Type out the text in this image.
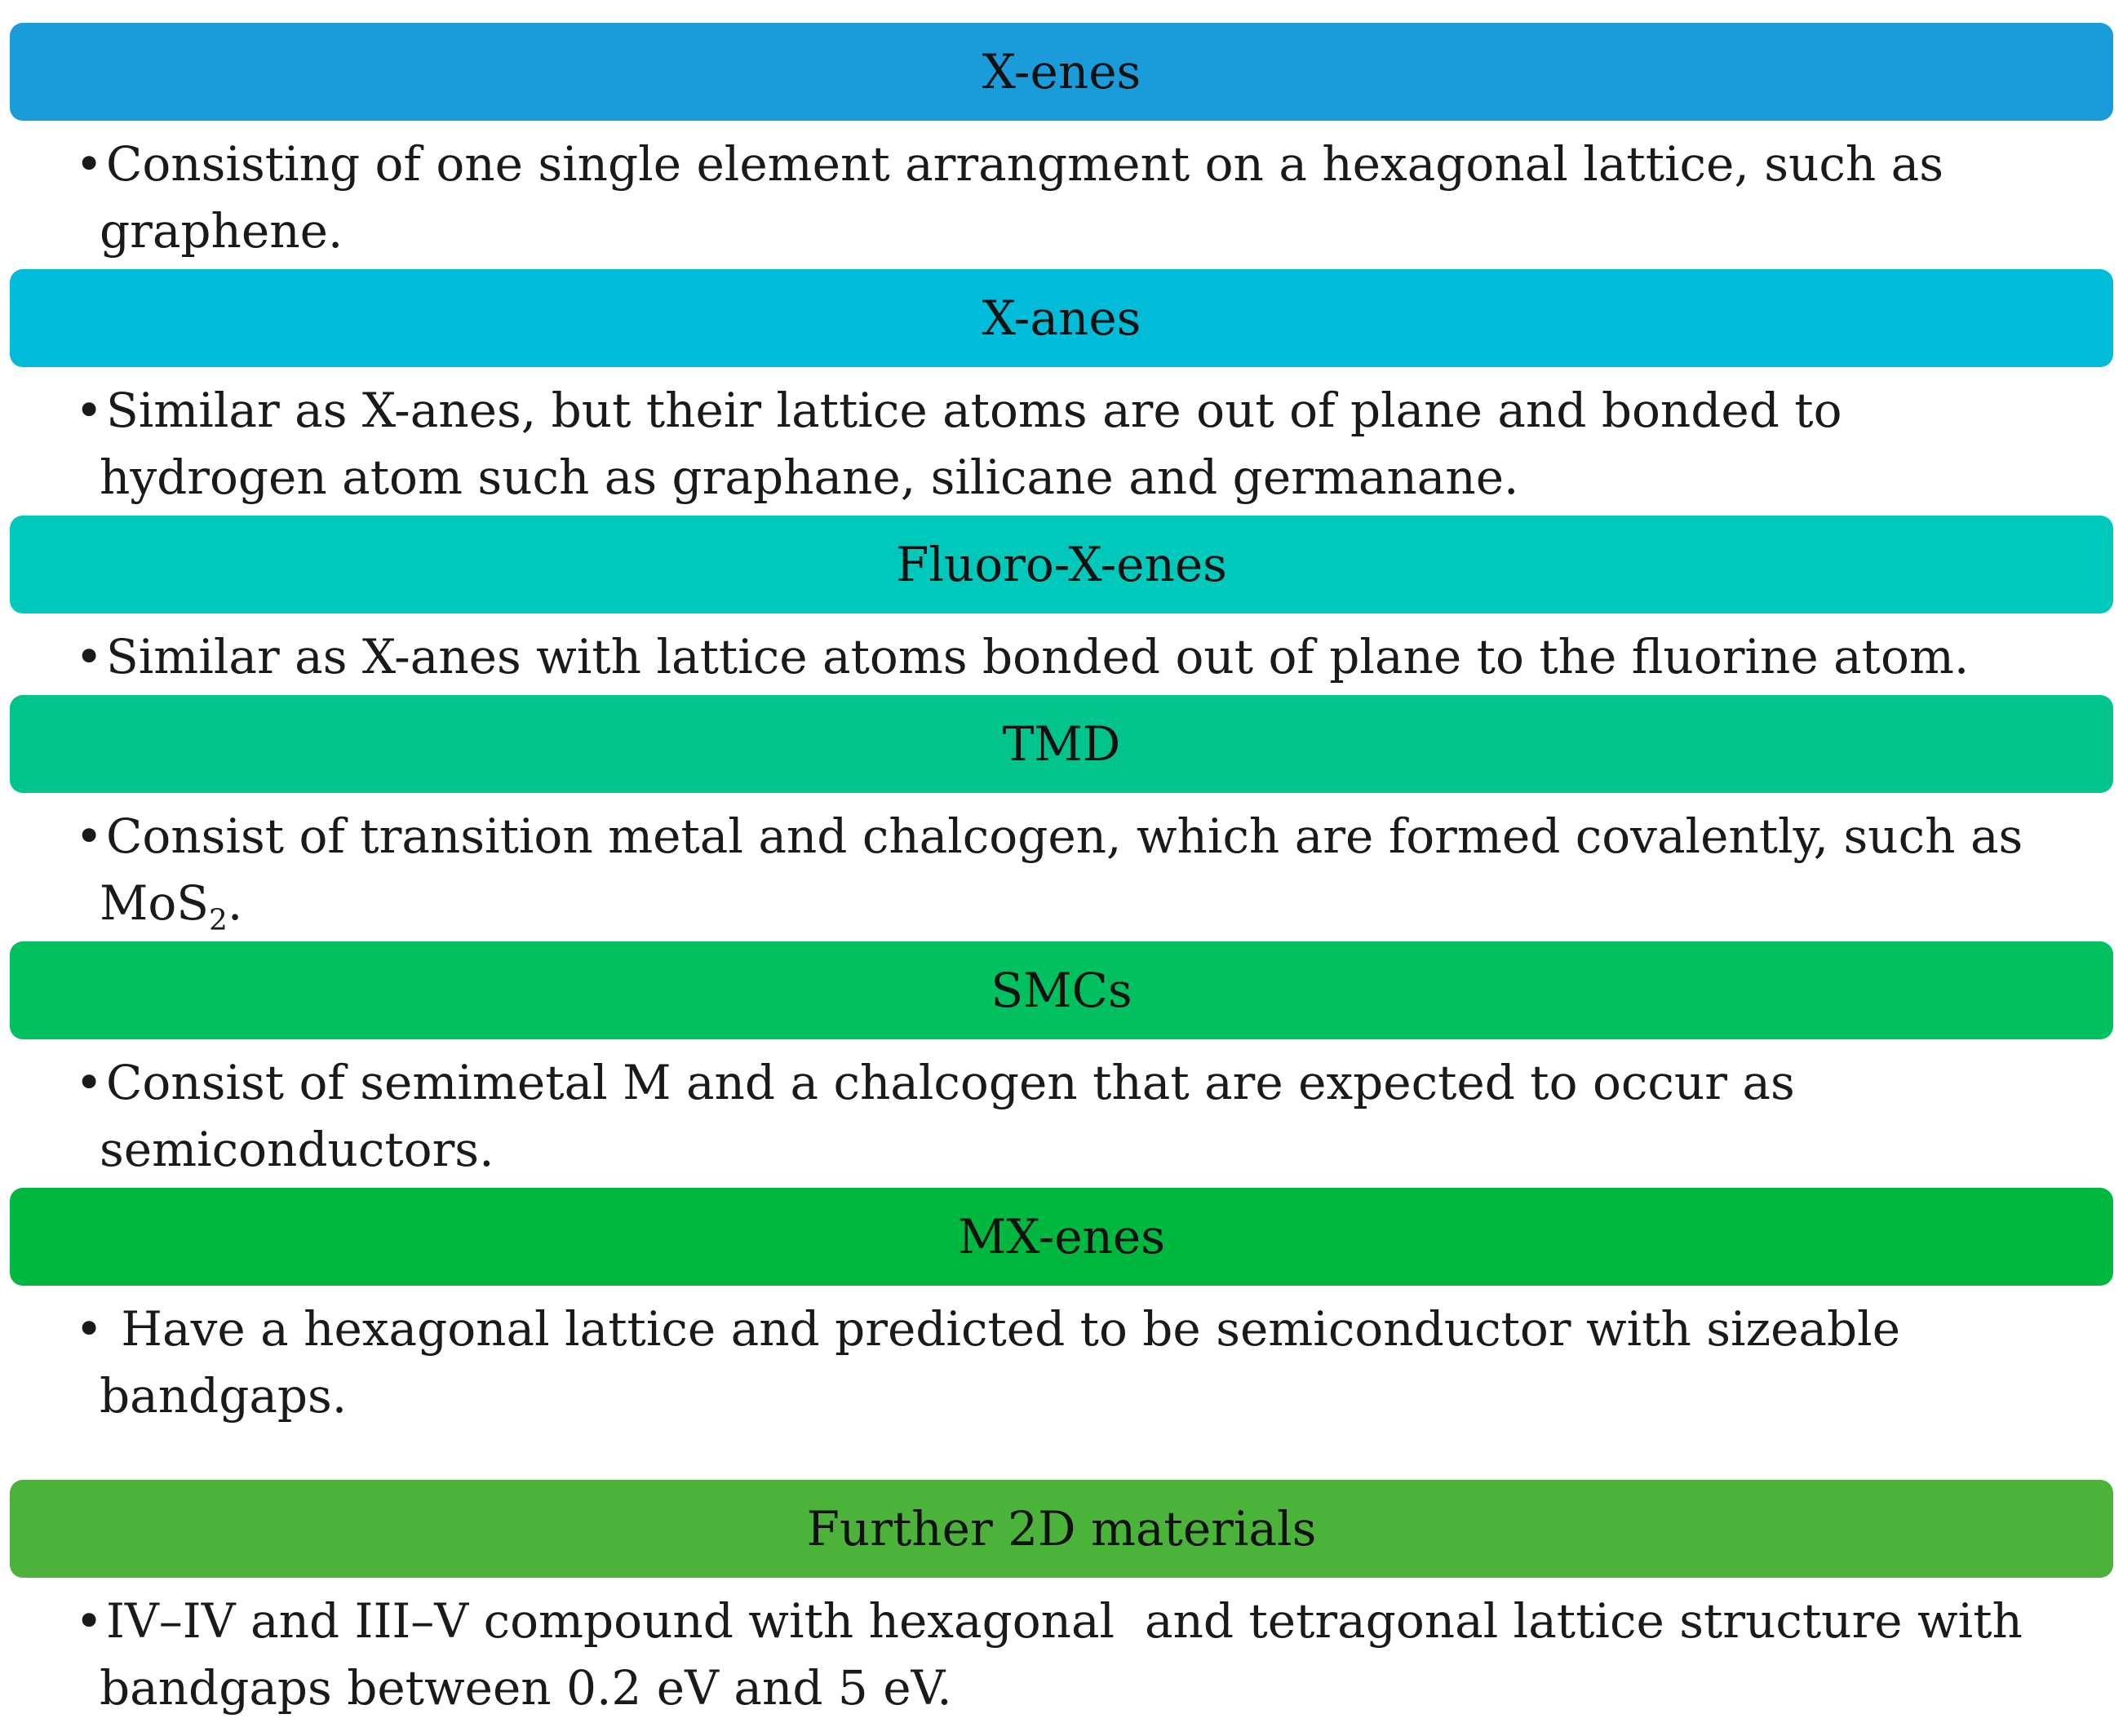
X-enes
• Consisting of one single element arrangment on a hexagonal lattice, such as
graphene.
X-anes
• Similar as X-anes, but their lattice atoms are out of plane and bonded to
hydrogen atom such as graphane, silicane and germanane.
Fluoro-X-enes
• Similar as X-anes with lattice atoms bonded out of plane to the fluorine atom.
TMD
• Consist of transition metal and chalcogen, which are formed covalently, such as
MoS$_2$.
SMCs
• Consist of semimetal M and a chalcogen that are expected to occur as
semiconductors.
MX-enes
• Have a hexagonal lattice and predicted to be semiconductor with sizeable
bandgaps.
Further 2D materials
• IV–IV and III–V compound with hexagonal  and tetragonal lattice structure with
bandgaps between 0.2 eV and 5 eV.
